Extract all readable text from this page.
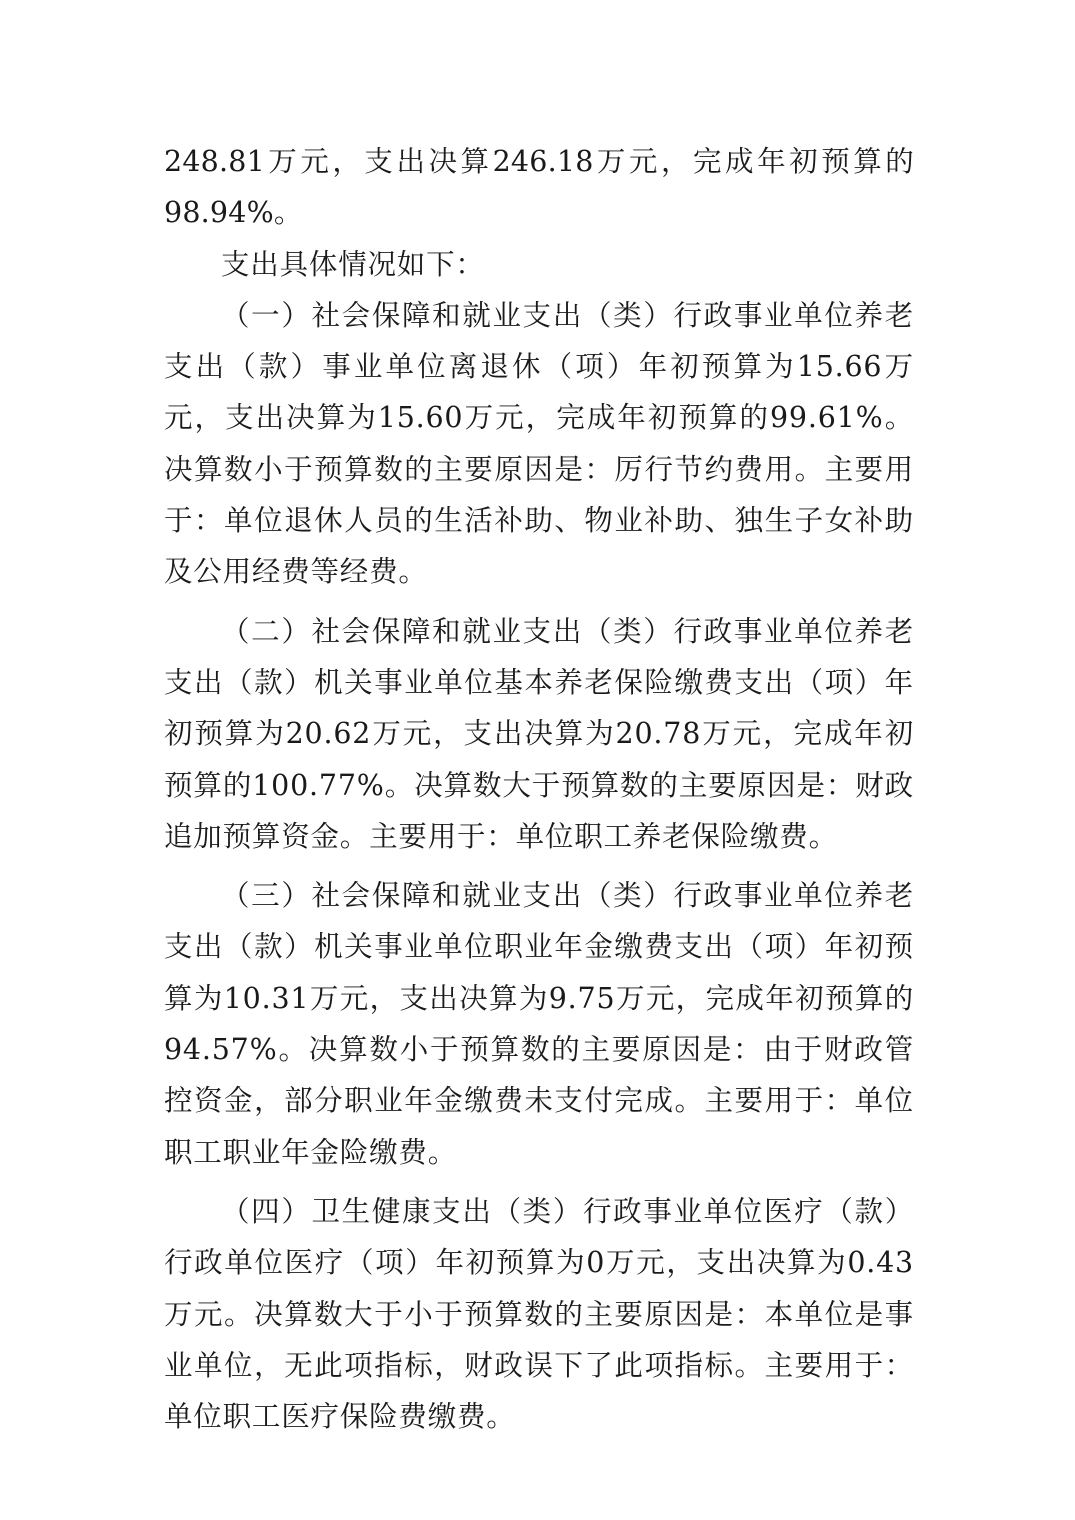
248.81万元，支出决算246.18万元，完成年初预算的98.94%。

支出具体情况如下：

（一）社会保障和就业支出（类）行政事业单位养老支出（款）事业单位离退休（项）年初预算为15.66万元，支出决算为15.60万元，完成年初预算的99.61%。决算数小于预算数的主要原因是：厉行节约费用。主要用于：单位退休人员的生活补助、物业补助、独生子女补助及公用经费等经费。

（二）社会保障和就业支出（类）行政事业单位养老支出（款）机关事业单位基本养老保险缴费支出（项）年初预算为20.62万元，支出决算为20.78万元，完成年初预算的100.77%。决算数大于预算数的主要原因是：财政追加预算资金。主要用于：单位职工养老保险缴费。

（三）社会保障和就业支出（类）行政事业单位养老支出（款）机关事业单位职业年金缴费支出（项）年初预算为10.31万元，支出决算为9.75万元，完成年初预算的94.57%。决算数小于预算数的主要原因是：由于财政管控资金，部分职业年金缴费未支付完成。主要用于：单位职工职业年金险缴费。

（四）卫生健康支出（类）行政事业单位医疗（款）行政单位医疗（项）年初预算为0万元，支出决算为0.43万元。决算数大于小于预算数的主要原因是：本单位是事业单位，无此项指标，财政误下了此项指标。主要用于：单位职工医疗保险费缴费。
